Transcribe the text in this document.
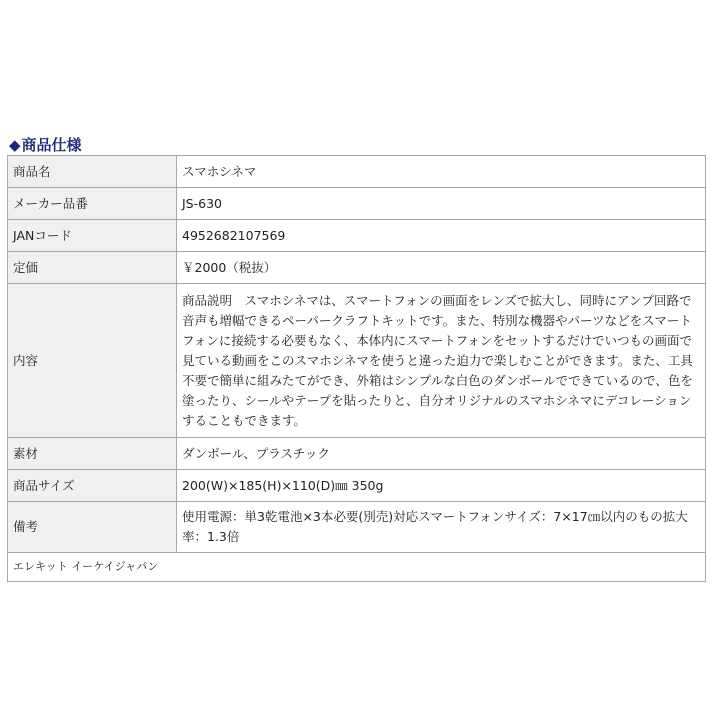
◆商品仕様
商品名	スマホシネマ
メーカー品番	JS-630
JANコード	4952682107569
定価	￥2000（税抜）
内容	商品説明　スマホシネマは、スマートフォンの画面をレンズで拡大し、同時にアンプ回路で音声も増幅できるペーパークラフトキットです。また、特別な機器やパーツなどをスマートフォンに接続する必要もなく、本体内にスマートフォンをセットするだけでいつもの画面で見ている動画をこのスマホシネマを使うと違った迫力で楽しむことができます。また、工具不要で簡単に組みたてができ、外箱はシンプルな白色のダンボールでできているので、色を塗ったり、シールやテープを貼ったりと、自分オリジナルのスマホシネマにデコレーションすることもできます。
素材	ダンボール、プラスチック
商品サイズ	200(W)×185(H)×110(D)㎜ 350g
備考	使用電源：単3乾電池×3本必要(別売)対応スマートフォンサイズ：7×17㎝以内のもの拡大率：1.3倍
エレキット イーケイジャパン	
